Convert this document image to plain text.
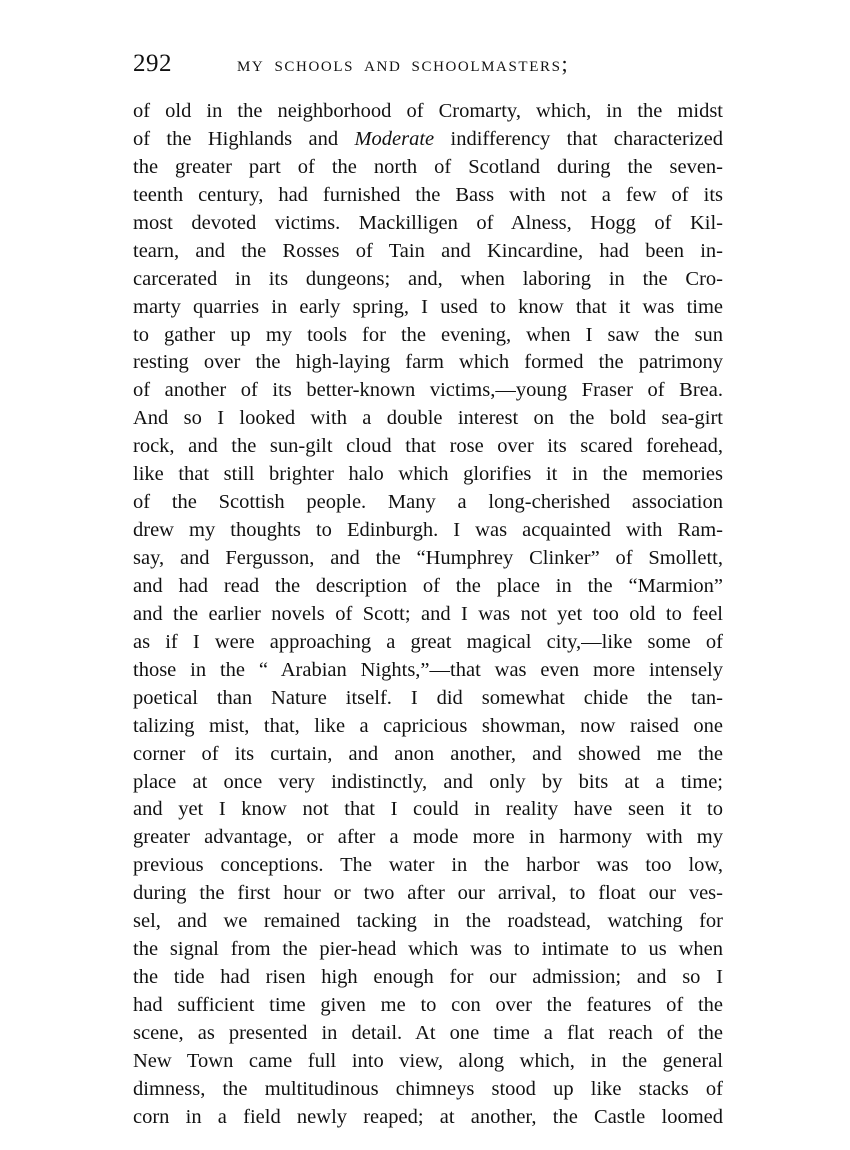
292	my schools and schoolmasters;
of old in the neighborhood of Cromarty, which, in the midst
of the Highlands and Moderate indifferency that characterized
the greater part of the north of Scotland during the seven-
teenth century, had furnished the Bass with not a few of its
most devoted victims. Mackilligen of Alness, Hogg of Kil-
tearn, and the Rosses of Tain and Kincardine, had been in-
carcerated in its dungeons; and, when laboring in the Cro-
marty quarries in early spring, I used to know that it was time
to gather up my tools for the evening, when I saw the sun
resting over the high-laying farm which formed the patrimony
of another of its better-known victims,—young Fraser of Brea.
And so I looked with a double interest on the bold sea-girt
rock, and the sun-gilt cloud that rose over its scared forehead,
like that still brighter halo which glorifies it in the memories
of the Scottish people. Many a long-cherished association
drew my thoughts to Edinburgh. I was acquainted with Ram-
say, and Fergusson, and the “Humphrey Clinker” of Smollett,
and had read the description of the place in the “Marmion”
and the earlier novels of Scott; and I was not yet too old to feel
as if I were approaching a great magical city,—like some of
those in the “ Arabian Nights,”—that was even more intensely
poetical than Nature itself. I did somewhat chide the tan-
talizing mist, that, like a capricious showman, now raised one
corner of its curtain, and anon another, and showed me the
place at once very indistinctly, and only by bits at a time;
and yet I know not that I could in reality have seen it to
greater advantage, or after a mode more in harmony with my
previous conceptions. The water in the harbor was too low,
during the first hour or two after our arrival, to float our ves-
sel, and we remained tacking in the roadstead, watching for
the signal from the pier-head which was to intimate to us when
the tide had risen high enough for our admission; and so I
had sufficient time given me to con over the features of the
scene, as presented in detail. At one time a flat reach of the
New Town came full into view, along which, in the general
dimness, the multitudinous chimneys stood up like stacks of
corn in a field newly reaped; at another, the Castle loomed
